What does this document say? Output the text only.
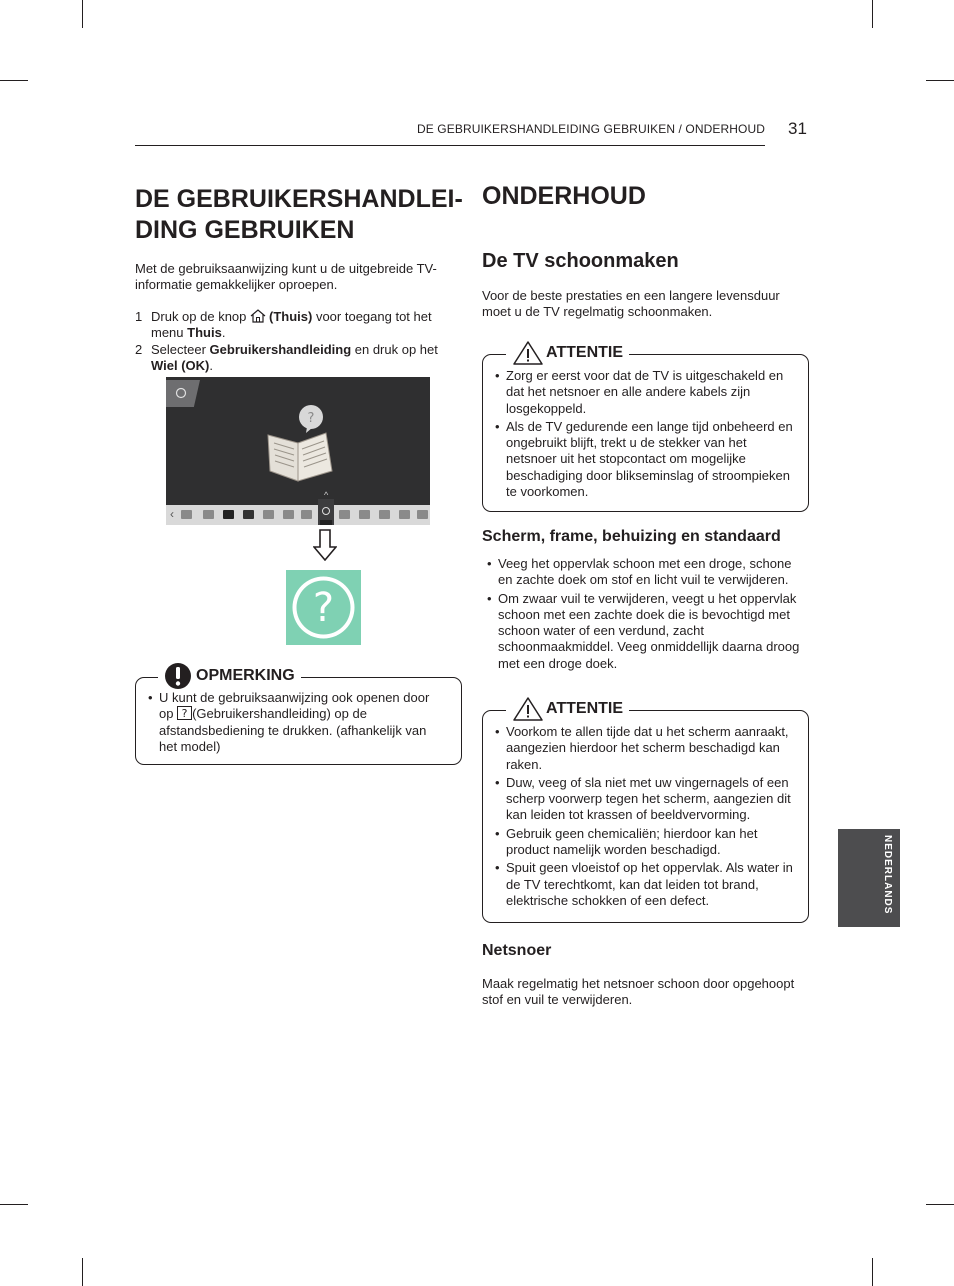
DE GEBRUIKERSHANDLEIDING GEBRUIKEN / ONDERHOUD 31
DE GEBRUIKERSHANDLEI-
DING GEBRUIKEN

Met de gebruiksaanwijzing kunt u de uitgebreide TV-informatie gemakkelijker oproepen.

1 Druk op de knop (Thuis) voor toegang tot het menu Thuis.
2 Selecteer Gebruikershandleiding en druk op het Wiel (OK).
?
‹
^
?
OPMERKING
• U kunt de gebruiksaanwijzing ook openen door op ? (Gebruikershandleiding) op de afstandsbediening te drukken. (afhankelijk van het model)
ONDERHOUD
De TV schoonmaken

Voor de beste prestaties en een langere levensduur moet u de TV regelmatig schoonmaken.

ATTENTIE
• Zorg er eerst voor dat de TV is uitgeschakeld en dat het netsnoer en alle andere kabels zijn losgekoppeld.
• Als de TV gedurende een lange tijd onbeheerd en ongebruikt blijft, trekt u de stekker van het netsnoer uit het stopcontact om mogelijke beschadiging door blikseminslag of stroompieken te voorkomen.
Scherm, frame, behuizing en standaard
• Veeg het oppervlak schoon met een droge, schone en zachte doek om stof en licht vuil te verwijderen.
• Om zwaar vuil te verwijderen, veegt u het oppervlak schoon met een zachte doek die is bevochtigd met schoon water of een verdund, zacht schoonmaakmiddel. Veeg onmiddellijk daarna droog met een droge doek.
ATTENTIE
• Voorkom te allen tijde dat u het scherm aanraakt, aangezien hierdoor het scherm beschadigd kan raken.
• Duw, veeg of sla niet met uw vingernagels of een scherp voorwerp tegen het scherm, aangezien dit kan leiden tot krassen of beeldvervorming.
• Gebruik geen chemicaliën; hierdoor kan het product namelijk worden beschadigd.
• Spuit geen vloeistof op het oppervlak. Als water in de TV terechtkomt, kan dat leiden tot brand, elektrische schokken of een defect.
Netsnoer

Maak regelmatig het netsnoer schoon door opgehoopt stof en vuil te verwijderen.

NEDERLANDS
